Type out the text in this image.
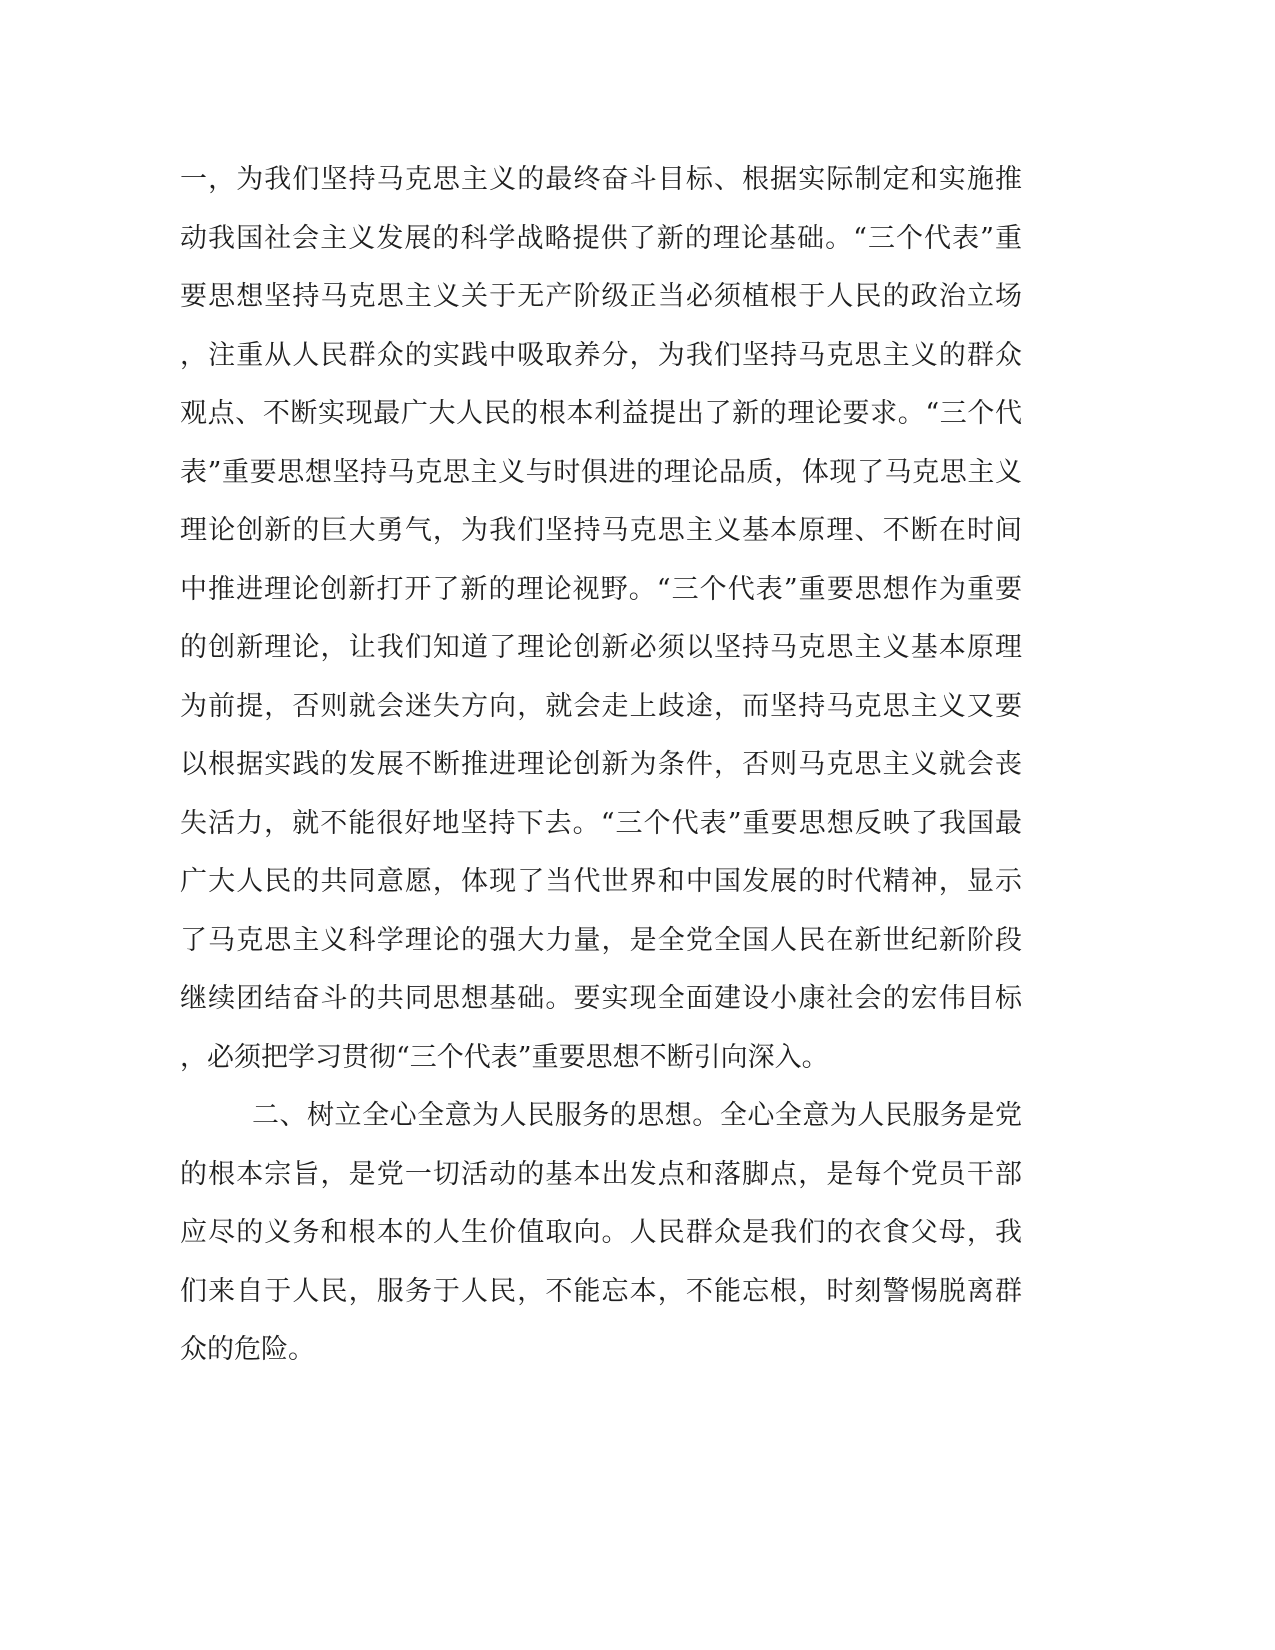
一，为我们坚持马克思主义的最终奋斗目标、根据实际制定和实施推
动我国社会主义发展的科学战略提供了新的理论基础。“三个代表”重
要思想坚持马克思主义关于无产阶级正当必须植根于人民的政治立场
，注重从人民群众的实践中吸取养分，为我们坚持马克思主义的群众
观点、不断实现最广大人民的根本利益提出了新的理论要求。“三个代
表”重要思想坚持马克思主义与时俱进的理论品质，体现了马克思主义
理论创新的巨大勇气，为我们坚持马克思主义基本原理、不断在时间
中推进理论创新打开了新的理论视野。“三个代表”重要思想作为重要
的创新理论，让我们知道了理论创新必须以坚持马克思主义基本原理
为前提，否则就会迷失方向，就会走上歧途，而坚持马克思主义又要
以根据实践的发展不断推进理论创新为条件，否则马克思主义就会丧
失活力，就不能很好地坚持下去。“三个代表”重要思想反映了我国最
广大人民的共同意愿，体现了当代世界和中国发展的时代精神，显示
了马克思主义科学理论的强大力量，是全党全国人民在新世纪新阶段
继续团结奋斗的共同思想基础。要实现全面建设小康社会的宏伟目标
，必须把学习贯彻“三个代表”重要思想不断引向深入。
二、树立全心全意为人民服务的思想。全心全意为人民服务是党
的根本宗旨，是党一切活动的基本出发点和落脚点，是每个党员干部
应尽的义务和根本的人生价值取向。人民群众是我们的衣食父母，我
们来自于人民，服务于人民，不能忘本，不能忘根，时刻警惕脱离群
众的危险。
